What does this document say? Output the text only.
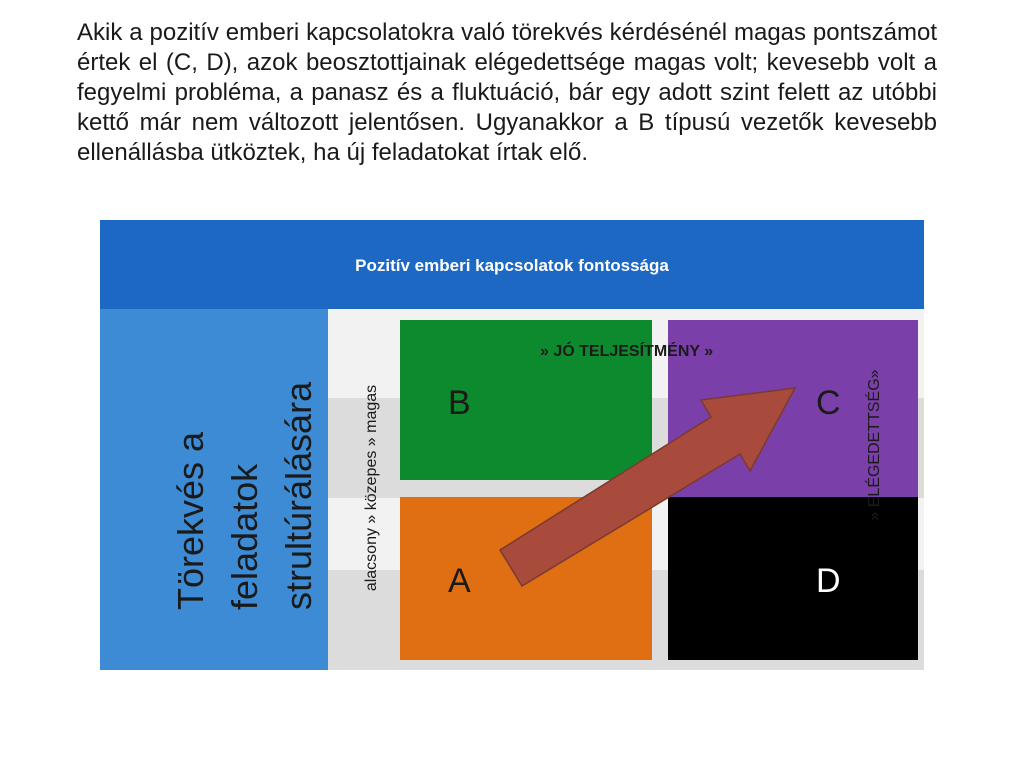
Akik a pozitív emberi kapcsolatokra való törekvés kérdésénél magas pontszámot értek el (C, D), azok beosztottjainak elégedettsége magas volt; kevesebb volt a fegyelmi probléma, a panasz és a fluktuáció, bár egy adott szint felett az utóbbi kettő már nem változott jelentősen. Ugyanakkor a B típusú vezetők kevesebb ellenállásba ütköztek, ha új feladatokat írtak elő.
Pozitív emberi kapcsolatok fontossága
Törekvés a feladatok strultúrálására	alacsony » közepes » magas B	C
A	D
» JÓ TELJESÍTMÉNY »
» ELÉGEDETTSÉG»
